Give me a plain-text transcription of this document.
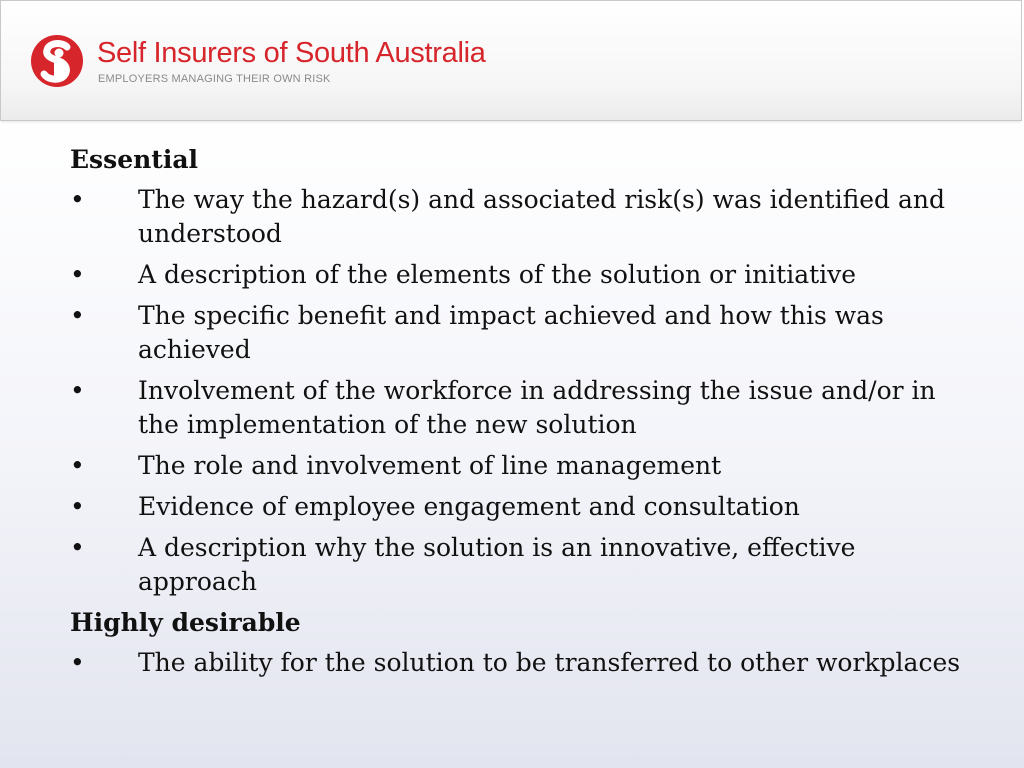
Self Insurers of South Australia
EMPLOYERS MANAGING THEIR OWN RISK
Essential
• The way the hazard(s) and associated risk(s) was identified and understood
• A description of the elements of the solution or initiative
• The specific benefit and impact achieved and how this was achieved
• Involvement of the workforce in addressing the issue and/or in the implementation of the new solution
• The role and involvement of line management
• Evidence of employee engagement and consultation
• A description why the solution is an innovative, effective approach
Highly desirable
• The ability for the solution to be transferred to other workplaces
